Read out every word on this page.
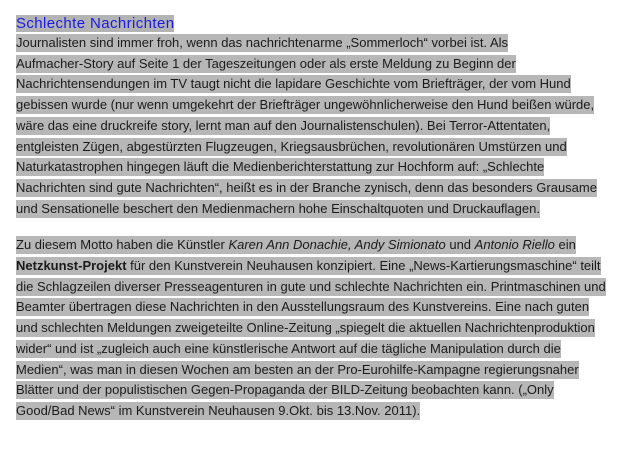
Schlechte Nachrichten
Journalisten sind immer froh, wenn das nachrichtenarme „Sommerloch“ vorbei ist. Als
Aufmacher-Story auf Seite 1 der Tageszeitungen oder als erste Meldung zu Beginn der
Nachrichtensendungen im TV taugt nicht die lapidare Geschichte vom Briefträger, der vom Hund
gebissen wurde (nur wenn umgekehrt der Briefträger ungewöhnlicherweise den Hund beißen würde,
wäre das eine druckreife story, lernt man auf den Journalistenschulen). Bei Terror-Attentaten,
entgleisten Zügen, abgestürzten Flugzeugen, Kriegsausbrüchen, revolutionären Umstürzen und
Naturkatastrophen hingegen läuft die Medienberichterstattung zur Hochform auf: „Schlechte
Nachrichten sind gute Nachrichten“, heißt es in der Branche zynisch, denn das besonders Grausame
und Sensationelle beschert den Medienmachern hohe Einschaltquoten und Druckauflagen.
Zu diesem Motto haben die Künstler Karen Ann Donachie, Andy Simionato und Antonio Riello ein
Netzkunst-Projekt für den Kunstverein Neuhausen konzipiert. Eine „News-Kartierungsmaschine“ teilt
die Schlagzeilen diverser Presseagenturen in gute und schlechte Nachrichten ein. Printmaschinen und
Beamter übertragen diese Nachrichten in den Ausstellungsraum des Kunstvereins. Eine nach guten
und schlechten Meldungen zweigeteilte Online-Zeitung „spiegelt die aktuellen Nachrichtenproduktion
wider“ und ist „zugleich auch eine künstlerische Antwort auf die tägliche Manipulation durch die
Medien“, was man in diesen Wochen am besten an der Pro-Eurohilfe-Kampagne regierungsnaher
Blätter und der populistischen Gegen-Propaganda der BILD-Zeitung beobachten kann. („Only
Good/Bad News“ im Kunstverein Neuhausen 9.Okt. bis 13.Nov. 2011).
